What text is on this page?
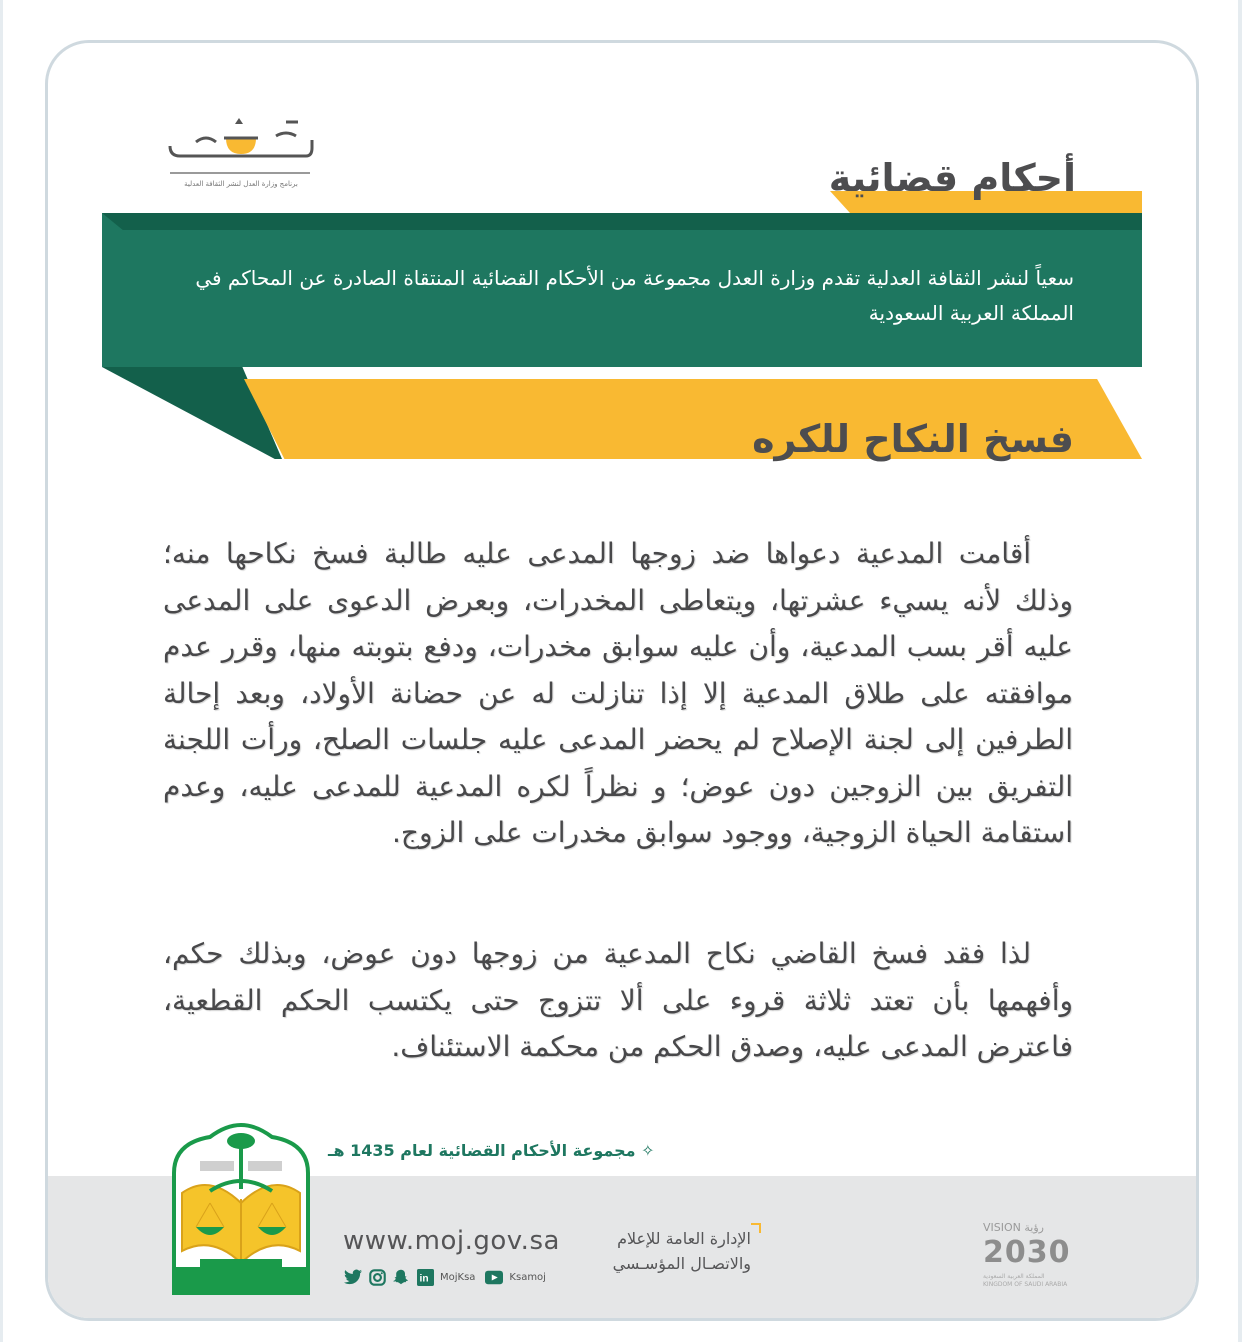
برنامج وزارة العدل لنشر الثقافة العدلية	أحكام قضائية
سعياً لنشر الثقافة العدلية تقدم وزارة العدل مجموعة من الأحكام القضائية المنتقاة الصادرة عن المحاكم في المملكة العربية السعودية
فسخ النكاح للكره
أقامت المدعية دعواها ضد زوجها المدعى عليه طالبة فسخ نكاحها منه؛ وذلك لأنه يسيء عشرتها، ويتعاطى المخدرات، وبعرض الدعوى على المدعى عليه أقر بسب المدعية، وأن عليه سوابق مخدرات، ودفع بتوبته منها، وقرر عدم موافقته على طلاق المدعية إلا إذا تنازلت له عن حضانة الأولاد، وبعد إحالة الطرفين إلى لجنة الإصلاح لم يحضر المدعى عليه جلسات الصلح، ورأت اللجنة التفريق بين الزوجين دون عوض؛ و نظراً لكره المدعية للمدعى عليه، وعدم استقامة الحياة الزوجية، ووجود سوابق مخدرات على الزوج.
لذا فقد فسخ القاضي نكاح المدعية من زوجها دون عوض، وبذلك حكم، وأفهمها بأن تعتد ثلاثة قروء على ألا تتزوج حتى يكتسب الحكم القطعية، فاعترض المدعى عليه، وصدق الحكم من محكمة الاستئناف.
✧ مجموعة الأحكام القضائية لعام 1435 هـ
www.moj.gov.sa
in MojKsa	Ksamoj
الإدارة العامة للإعلام والاتصـال المؤسـسي
VISION رؤية
2030
المملكة العربية السعودية
KINGDOM OF SAUDI ARABIA
